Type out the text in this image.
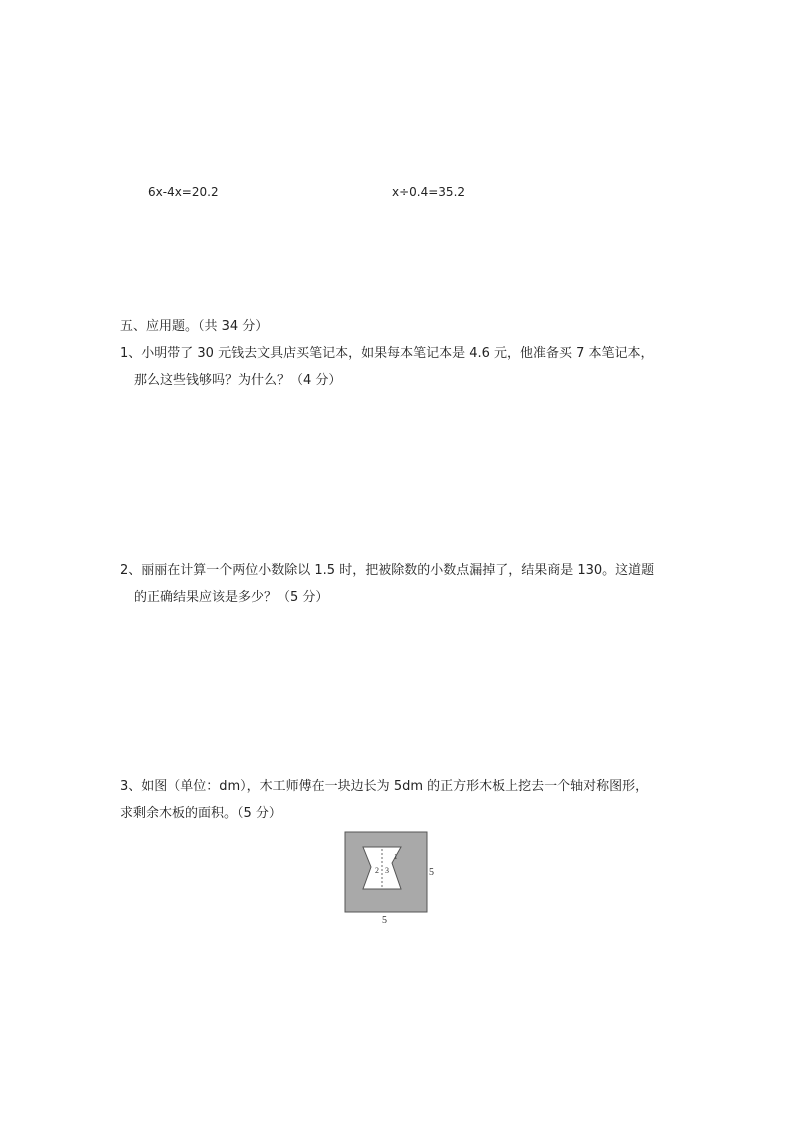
6x-4x=20.2	x÷0.4=35.2
五、应用题。（共 34 分）
1、小明带了 30 元钱去文具店买笔记本，如果每本笔记本是 4.6 元，他准备买 7 本笔记本，
那么这些钱够吗？为什么？（4 分）
2、丽丽在计算一个两位小数除以 1.5 时，把被除数的小数点漏掉了，结果商是 130。这道题
的正确结果应该是多少？（5 分）
3、如图（单位：dm），木工师傅在一块边长为 5dm 的正方形木板上挖去一个轴对称图形，
求剩余木板的面积。（5 分）
2 3
1
5
5
